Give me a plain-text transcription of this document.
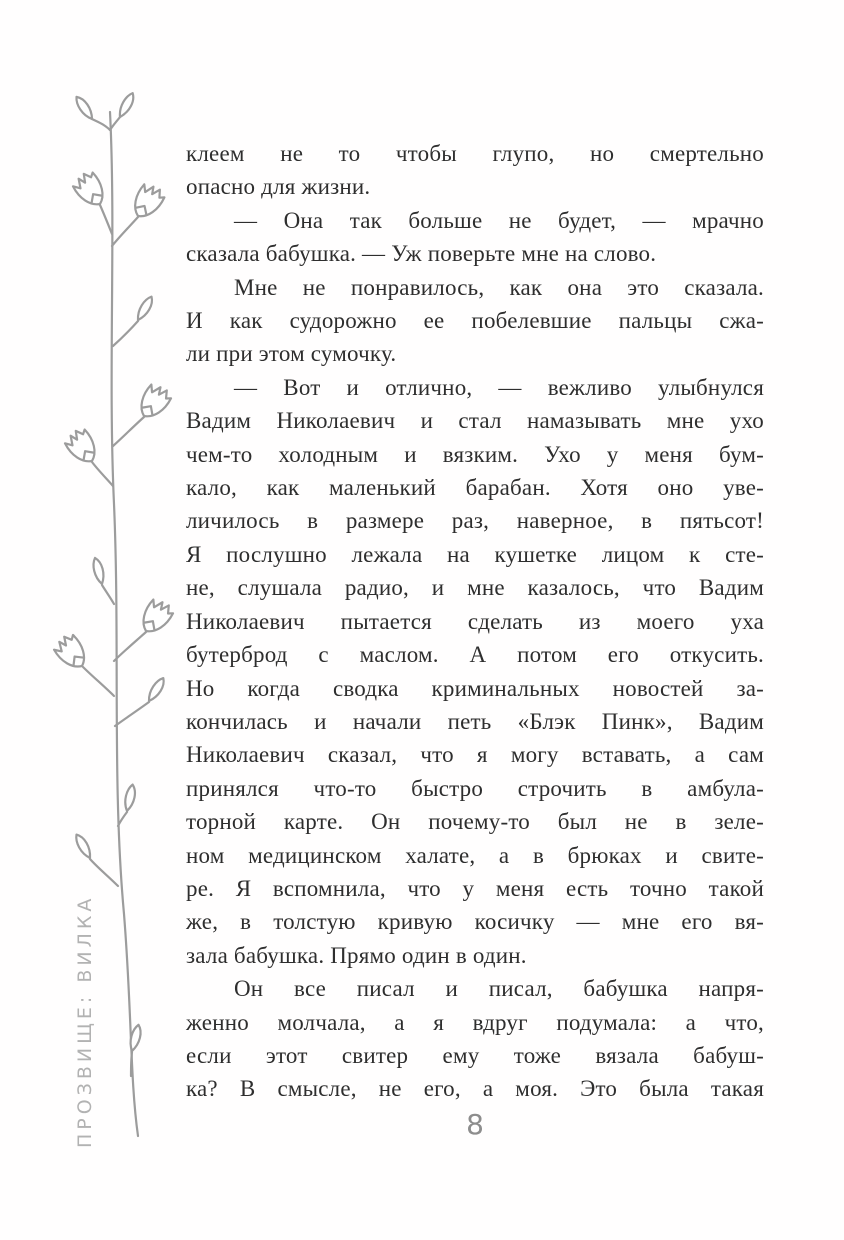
ПРОЗВИЩЕ: ВИЛКА
клеем не то чтобы глупо, но смертельно
опасно для жизни.
— Она так больше не будет, — мрачно
сказала бабушка. — Уж поверьте мне на слово.
Мне не понравилось, как она это сказала.
И как судорожно ее побелевшие пальцы сжа-
ли при этом сумочку.
— Вот и отлично, — вежливо улыбнулся
Вадим Николаевич и стал намазывать мне ухо
чем-то холодным и вязким. Ухо у меня бум-
кало, как маленький барабан. Хотя оно уве-
личилось в размере раз, наверное, в пятьсот!
Я послушно лежала на кушетке лицом к сте-
не, слушала радио, и мне казалось, что Вадим
Николаевич пытается сделать из моего уха
бутерброд с маслом. А потом его откусить.
Но когда сводка криминальных новостей за-
кончилась и начали петь «Блэк Пинк», Вадим
Николаевич сказал, что я могу вставать, а сам
принялся что-то быстро строчить в амбула-
торной карте. Он почему-то был не в зеле-
ном медицинском халате, а в брюках и свите-
ре. Я вспомнила, что у меня есть точно такой
же, в толстую кривую косичку — мне его вя-
зала бабушка. Прямо один в один.
Он все писал и писал, бабушка напря-
женно молчала, а я вдруг подумала: а что,
если этот свитер ему тоже вязала бабуш-
ка? В смысле, не его, а моя. Это была такая
8
